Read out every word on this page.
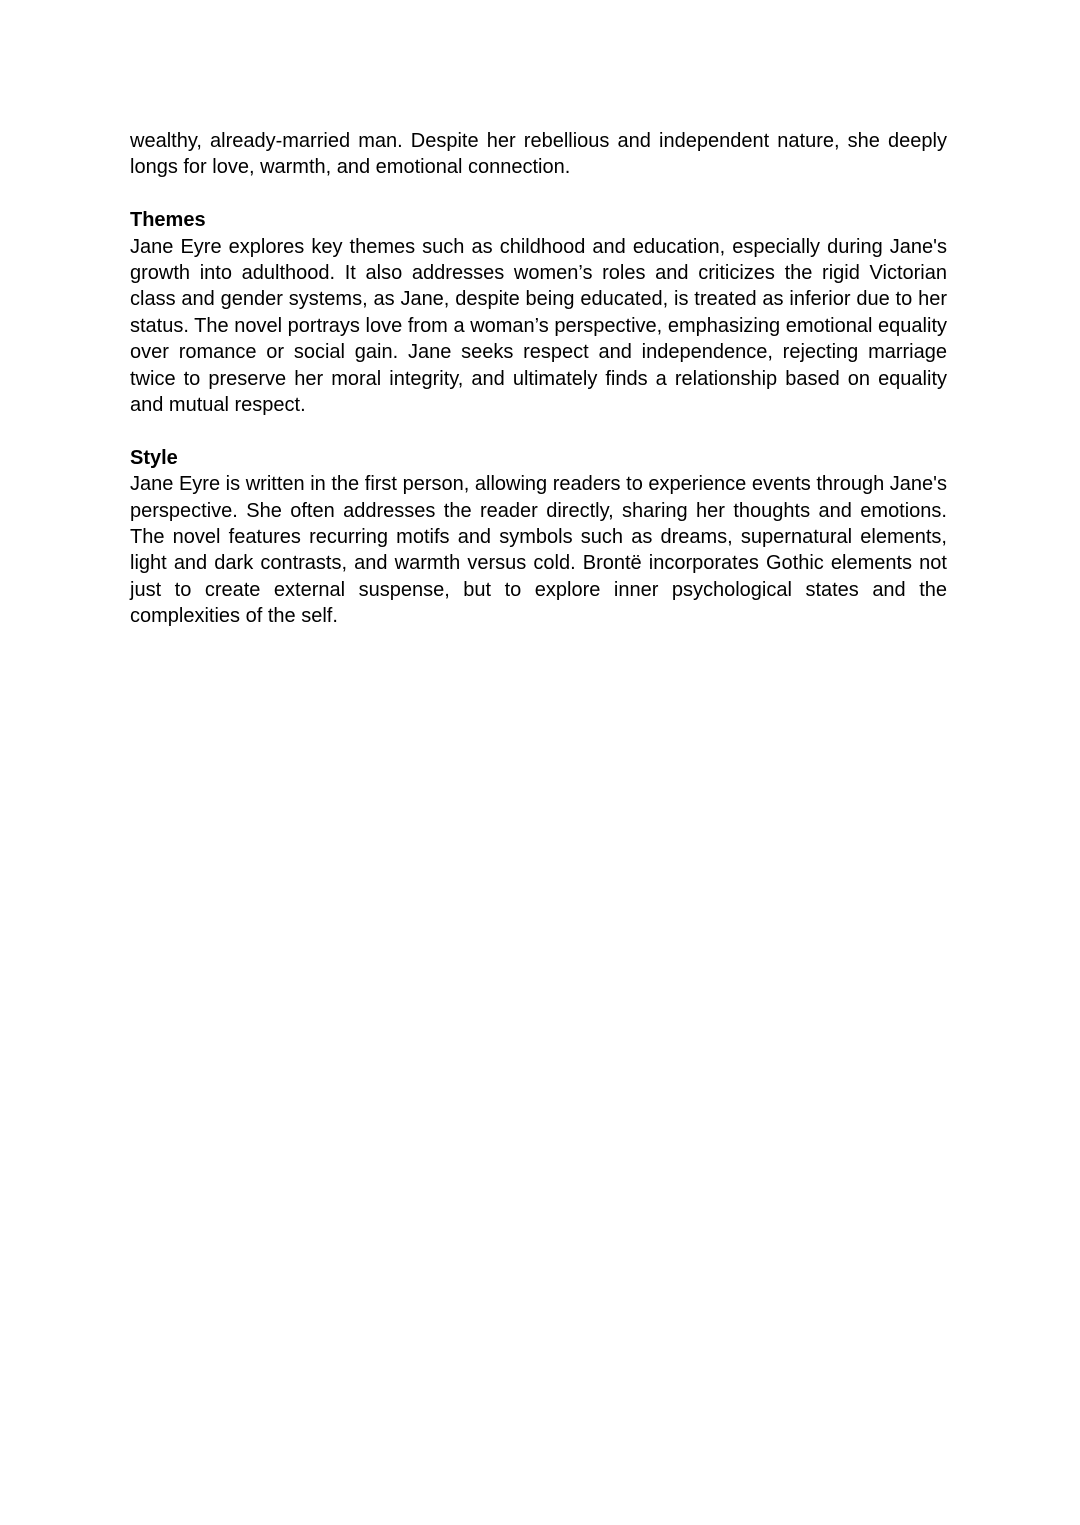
wealthy, already-married man. Despite her rebellious and independent nature, she deeply longs for love, warmth, and emotional connection.

Themes

Jane Eyre explores key themes such as childhood and education, especially during Jane's growth into adulthood. It also addresses women’s roles and criticizes the rigid Victorian class and gender systems, as Jane, despite being educated, is treated as inferior due to her status. The novel portrays love from a woman’s perspective, emphasizing emotional equality over romance or social gain. Jane seeks respect and independence, rejecting marriage twice to preserve her moral integrity, and ultimately finds a relationship based on equality and mutual respect.

Style

Jane Eyre is written in the first person, allowing readers to experience events through Jane's perspective. She often addresses the reader directly, sharing her thoughts and emotions. The novel features recurring motifs and symbols such as dreams, supernatural elements, light and dark contrasts, and warmth versus cold. Brontë incorporates Gothic elements not just to create external suspense, but to explore inner psychological states and the complexities of the self.
